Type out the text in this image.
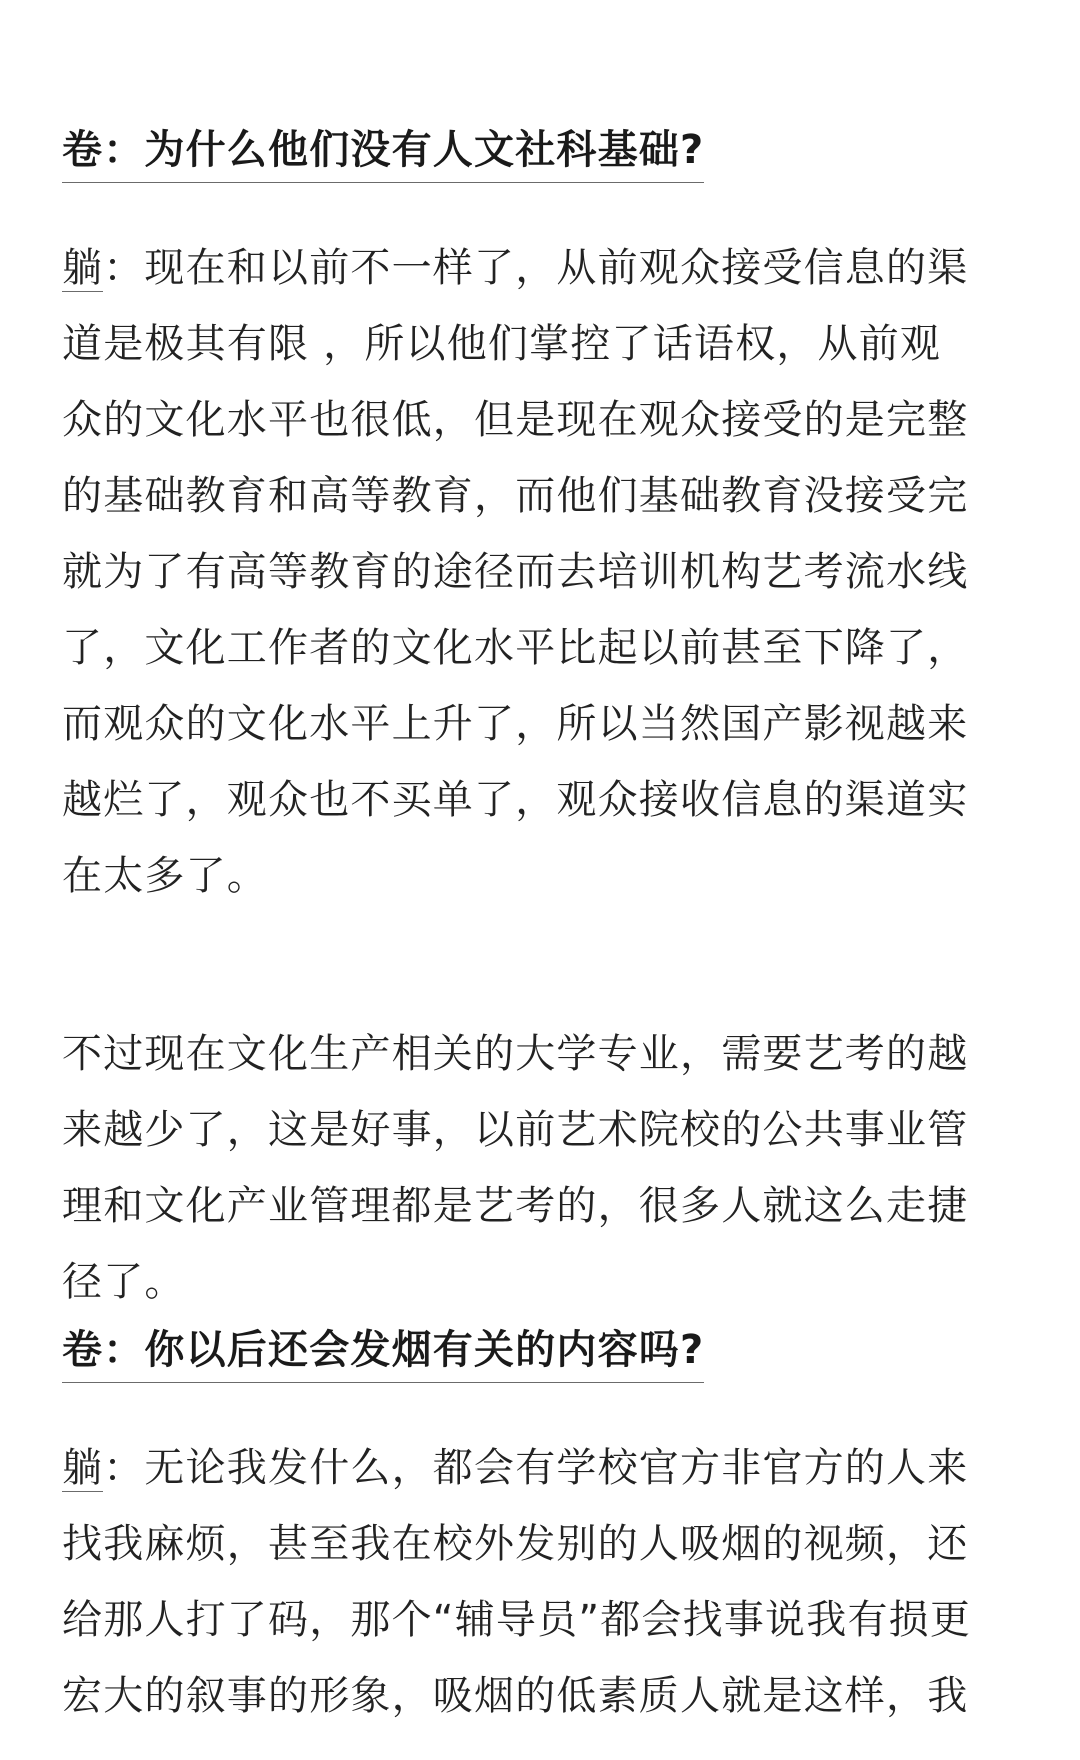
卷：为什么他们没有人文社科基础?
躺：现在和以前不一样了，从前观众接受信息的渠
道是极其有限 ，所以他们掌控了话语权，从前观
众的文化水平也很低，但是现在观众接受的是完整
的基础教育和高等教育，而他们基础教育没接受完
就为了有高等教育的途径而去培训机构艺考流水线
了，文化工作者的文化水平比起以前甚至下降了，
而观众的文化水平上升了，所以当然国产影视越来
越烂了，观众也不买单了，观众接收信息的渠道实
在太多了。

不过现在文化生产相关的大学专业，需要艺考的越
来越少了，这是好事，以前艺术院校的公共事业管
理和文化产业管理都是艺考的，很多人就这么走捷
径了。

卷：你以后还会发烟有关的内容吗?
躺：无论我发什么，都会有学校官方非官方的人来
找我麻烦，甚至我在校外发别的人吸烟的视频，还
给那人打了码，那个“辅导员”都会找事说我有损更
宏大的叙事的形象，吸烟的低素质人就是这样，我
